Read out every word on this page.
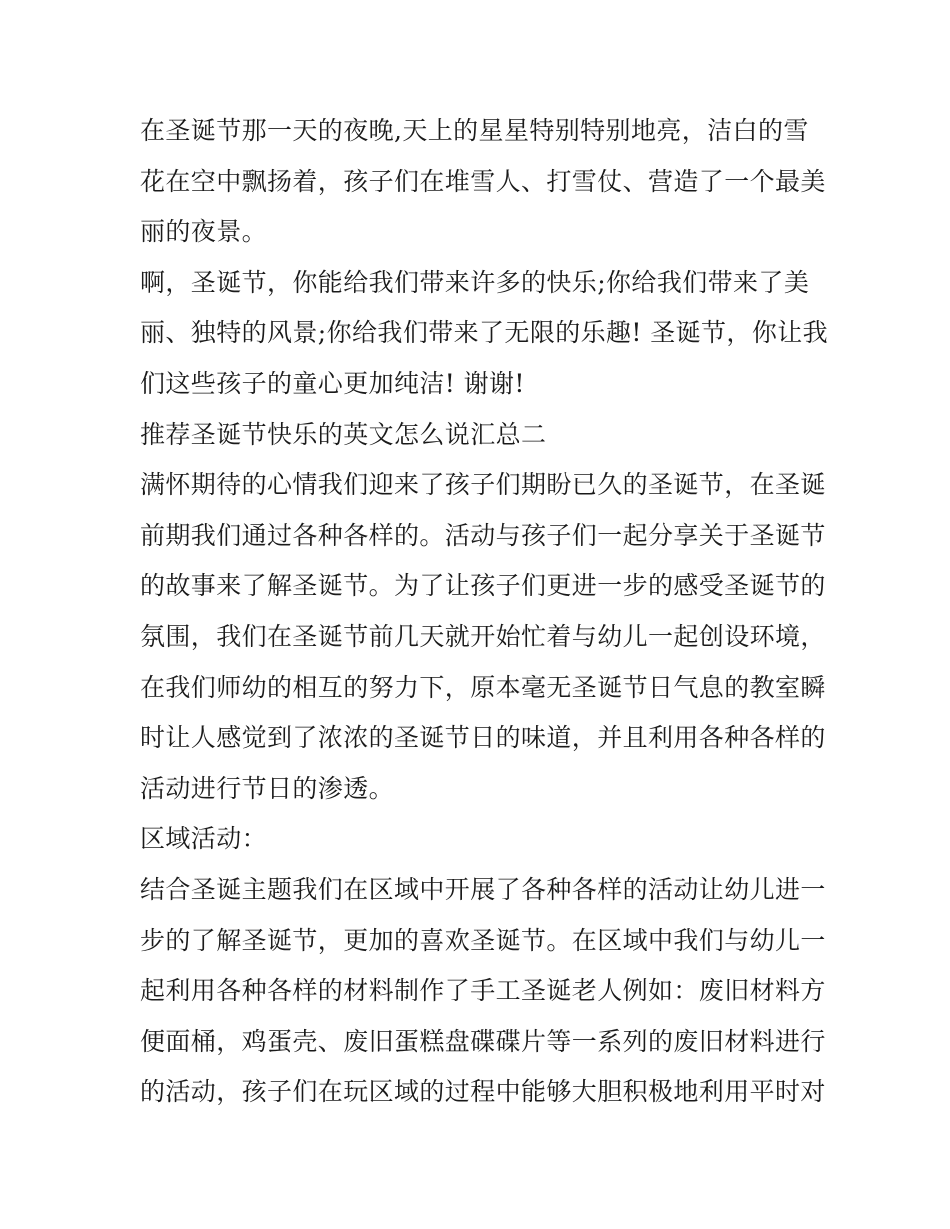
在圣诞节那一天的夜晚,天上的星星特别特别地亮，洁白的雪
花在空中飘扬着，孩子们在堆雪人、打雪仗、营造了一个最美
丽的夜景。
啊，圣诞节，你能给我们带来许多的快乐;你给我们带来了美
丽、独特的风景;你给我们带来了无限的乐趣! 圣诞节，你让我
们这些孩子的童心更加纯洁! 谢谢!
推荐圣诞节快乐的英文怎么说汇总二
满怀期待的心情我们迎来了孩子们期盼已久的圣诞节，在圣诞
前期我们通过各种各样的。活动与孩子们一起分享关于圣诞节
的故事来了解圣诞节。为了让孩子们更进一步的感受圣诞节的
氛围，我们在圣诞节前几天就开始忙着与幼儿一起创设环境，
在我们师幼的相互的努力下，原本毫无圣诞节日气息的教室瞬
时让人感觉到了浓浓的圣诞节日的味道，并且利用各种各样的
活动进行节日的渗透。
区域活动：
结合圣诞主题我们在区域中开展了各种各样的活动让幼儿进一
步的了解圣诞节，更加的喜欢圣诞节。在区域中我们与幼儿一
起利用各种各样的材料制作了手工圣诞老人例如：废旧材料方
便面桶，鸡蛋壳、废旧蛋糕盘碟碟片等一系列的废旧材料进行
的活动，孩子们在玩区域的过程中能够大胆积极地利用平时对
